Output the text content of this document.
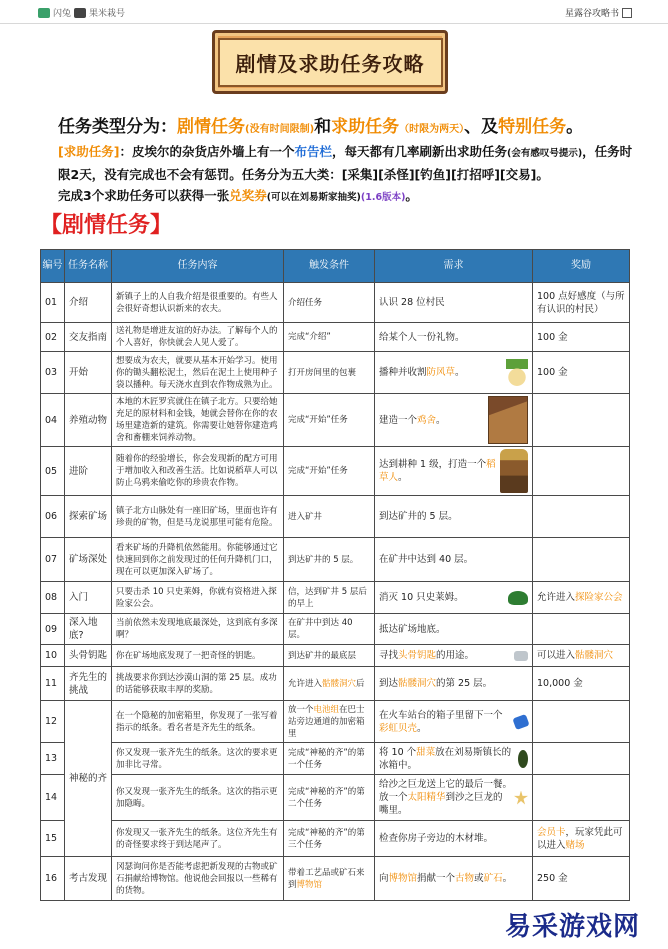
闪兔 果米栽号	星露谷攻略书
剧情及求助任务攻略
任务类型分为：剧情任务(没有时间限制)和求助任务（时限为两天）、及特别任务。
[求助任务]：皮埃尔的杂货店外墙上有一个布告栏，每天都有几率刷新出求助任务(会有感叹号提示)，任务时限2天，没有完成也不会有惩罚。任务分为五大类：[采集][杀怪][钓鱼][打招呼][交易]。
完成3个求助任务可以获得一张兑奖券(可以在刘易斯家抽奖)(1.6版本)。
【剧情任务】
编号	任务名称	任务内容	触发条件	需求	奖励
01	介绍	新镇子上的人自我介绍是很重要的。有些人会很好奇想认识新来的农夫。	介绍任务	认识 28 位村民	100 点好感度（与所有认识的村民）
02	交友指南	送礼物是增进友谊的好办法。了解每个人的个人喜好，你快就会人见人爱了。	完成“介绍”	给某个人一份礼物。	100 金
03	开始	想要成为农夫，就要从基本开始学习。使用你的锄头翻松泥土，然后在泥土上使用种子袋以播种。每天浇水直到农作物成熟为止。	打开房间里的包裹	播种并收割防风草。	100 金
04	养殖动物	本地的木匠罗宾就住在镇子北方。只要给她充足的原材料和金钱，她就会替你在你的农场里建造新的建筑。你需要让她替你建造鸡舍和畜棚来饲养动物。	完成“开始”任务	建造一个鸡舍。	

05	进阶	随着你的经验增长，你会发现新的配方可用于增加收入和改善生活。比如说稻草人可以防止乌鸦来偷吃你的珍贵农作物。	完成“开始”任务	达到耕种 1 级，打造一个稻草人。	

06	探索矿场	镇子北方山脉处有一座旧矿场，里面也许有珍贵的矿物，但是马龙说那里可能有危险。	进入矿井	到达矿井的 5 层。	
07	矿场深处	看来矿场的升降机依然能用。你能够通过它快速回到你之前发现过的任何升降机门口，现在可以更加深入矿场了。	到达矿井的 5 层。	在矿井中达到 40 层。	
08	入门	只要击杀 10 只史莱姆，你就有资格进入探险家公会。	信，达到矿井 5 层后的早上	消灭 10 只史莱姆。	允许进入探险家公会
09	深入地底?	当前依然未发现地底最深处，这到底有多深啊？	在矿井中到达 40 层。	抵达矿场地底。	
10	头骨钥匙	你在矿场地底发现了一把奇怪的钥匙。	到达矿井的最底层	寻找头骨钥匙的用途。	可以进入骷髅洞穴
11	齐先生的挑战	挑战要求你到达沙漠山洞的第 25 层。成功的话能够获取丰厚的奖励。	允许进入骷髅洞穴后	到达骷髅洞穴的第 25 层。	10,000 金
12	神秘的齐	在一个隐秘的加密箱里，你发现了一张写着指示的纸条。看名者是齐先生的纸条。	放一个电池组在巴士站旁边通道的加密箱里	在火车站台的箱子里留下一个彩虹贝壳。	

13		你又发现一张齐先生的纸条。这次的要求更加非比寻常。	完成“神秘的齐”的第一个任务	将 10 个甜菜放在刘易斯镇长的冰箱中。	

14		你又发现一张齐先生的纸条。这次的指示更加隐晦。	完成“神秘的齐”的第二个任务	给沙之巨龙送上它的最后一餐。放一个太阳精华到沙之巨龙的嘴里。	

15		你发现又一张齐先生的纸条。这位齐先生有的奇怪要求终于到达尾声了。	完成“神秘的齐”的第三个任务	检查你房子旁边的木材堆。	会员卡，玩家凭此可以进入赌场
16	考古发现	冈瑟询问你是否能考虑把新发现的古物或矿石捐献给博物馆。他说他会回报以一些稀有的货物。	带着工艺品或矿石来到博物馆	向博物馆捐献一个古物或矿石。	250 金
易采游戏网
